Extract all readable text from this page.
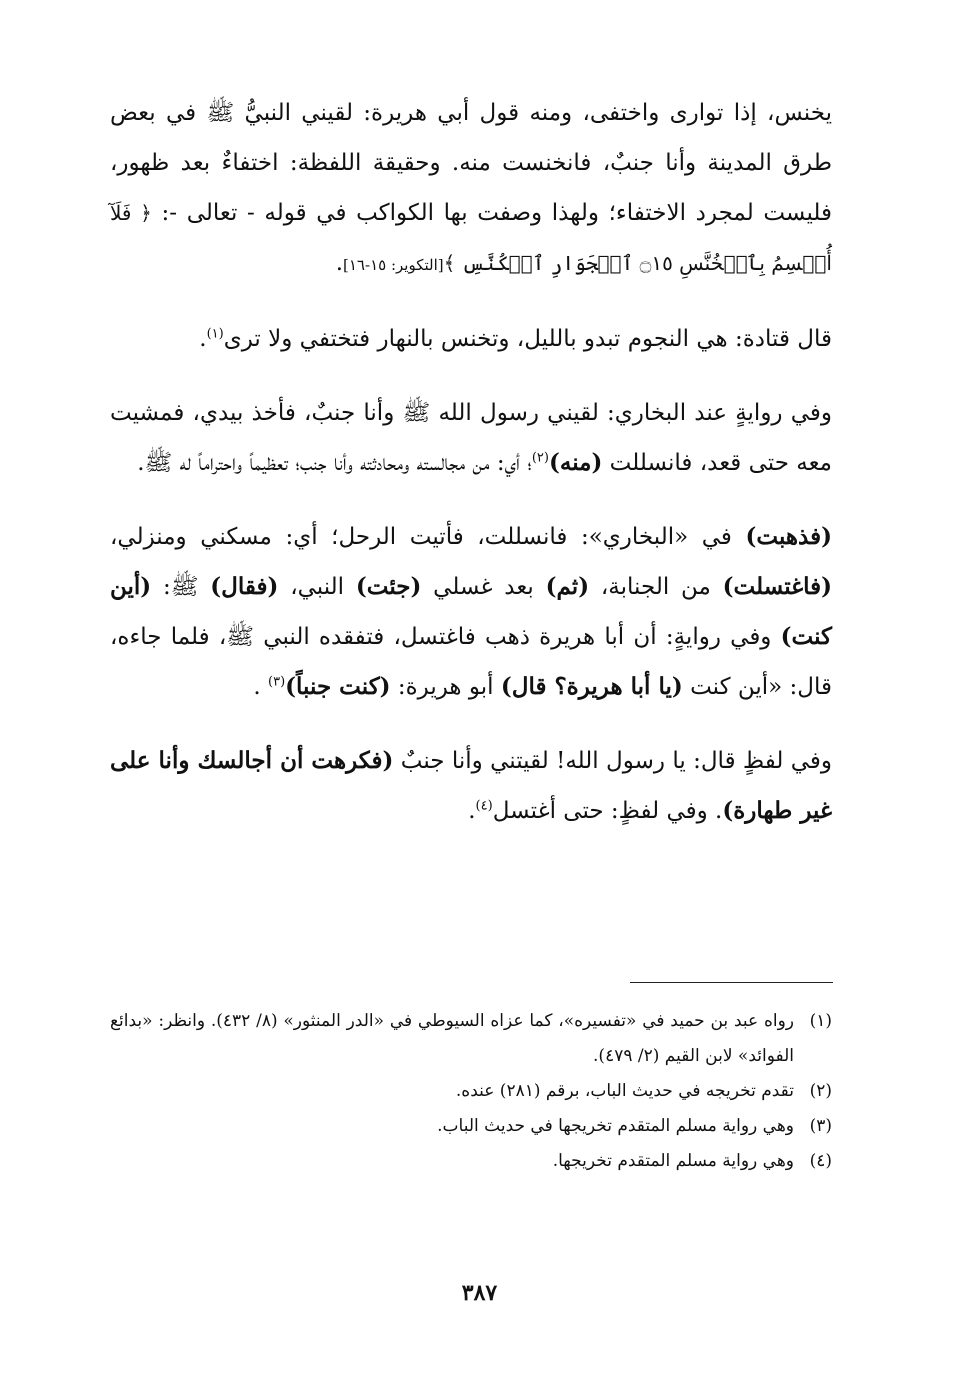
يخنس، إذا توارى واختفى، ومنه قول أبي هريرة: لقيني النبيُّ ﷺ في بعض طرق المدينة وأنا جنبٌ، فانخنست منه. وحقيقة اللفظة: اختفاءٌ بعد ظهور، فليست لمجرد الاختفاء؛ ولهذا وصفت بها الكواكب في قوله - تعالى -: ﴿ فَلَآ أُقۡسِمُ بِٱلۡخُنَّسِ ۝١٥ ٱلۡجَوَارِ ٱلۡكُنَّسِ ﴾[التكوير: ١٥-١٦].

قال قتادة: هي النجوم تبدو بالليل، وتخنس بالنهار فتختفي ولا ترى$^{(١)}$.

وفي روايةٍ عند البخاري: لقيني رسول الله ﷺ وأنا جنبٌ، فأخذ بيدي، فمشيت معه حتى قعد، فانسللت (منه)$^{(٢)}$؛ أي: من مجالسته ومحادثته وأنا جنب؛ تعظيماً واحتراماً له ﷺ.

(فذهبت) في «البخاري»: فانسللت، فأتيت الرحل؛ أي: مسكني ومنزلي، (فاغتسلت) من الجنابة، (ثم) بعد غسلي (جئت) النبي، (فقال) ﷺ: (أين كنت) وفي روايةٍ: أن أبا هريرة ذهب فاغتسل، فتفقده النبي ﷺ، فلما جاءه، قال: «أين كنت (يا أبا هريرة؟ قال) أبو هريرة: (كنت جنباً)$^{(٣)}$ .

وفي لفظٍ قال: يا رسول الله! لقيتني وأنا جنبٌ (فكرهت أن أجالسك وأنا على غير طهارة). وفي لفظٍ: حتى أغتسل$^{(٤)}$.

(١)
رواه عبد بن حميد في «تفسيره»، كما عزاه السيوطي في «الدر المنثور» (٨/ ٤٣٢). وانظر: «بدائع الفوائد» لابن القيم (٢/ ٤٧٩).
(٢)
تقدم تخريجه في حديث الباب، برقم (٢٨١) عنده.
(٣)
وهي رواية مسلم المتقدم تخريجها في حديث الباب.
(٤)
وهي رواية مسلم المتقدم تخريجها.
٣٨٧
